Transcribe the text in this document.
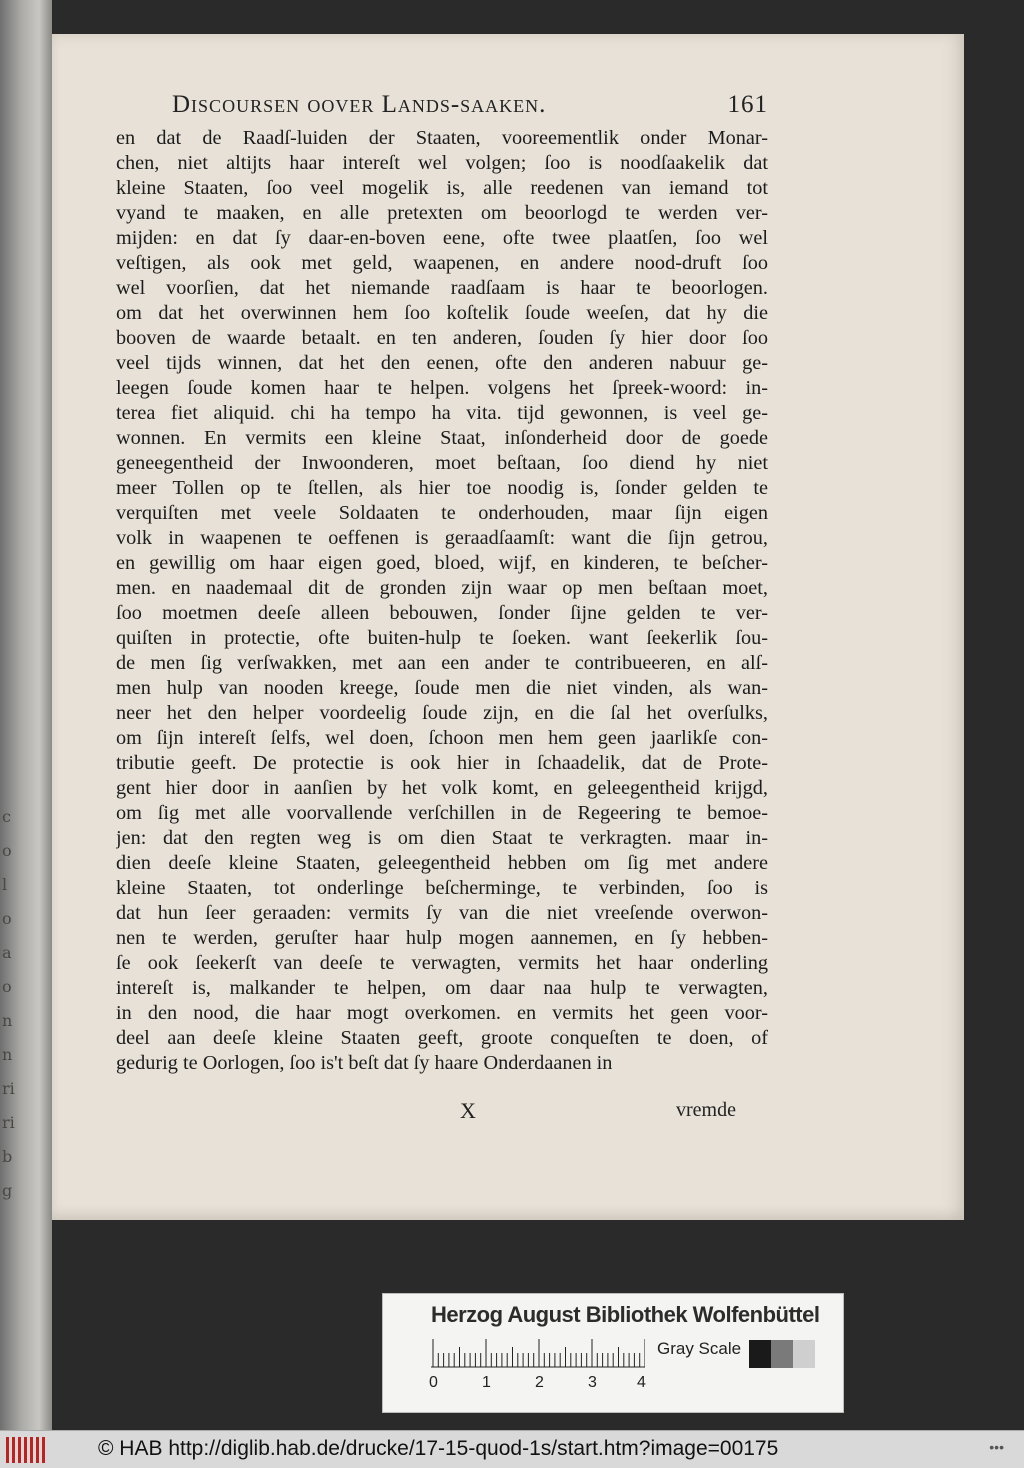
c
o
l
o
a
o
n
n
ri
ri
b
g
Discoursen oover Lands-saaken.	161
en dat de Raadſ-luiden der Staaten, vooreementlik onder Monar-
chen, niet altijts haar intereſt wel volgen; ſoo is noodſaakelik dat
kleine Staaten, ſoo veel mogelik is, alle reedenen van iemand tot
vyand te maaken, en alle pretexten om beoorlogd te werden ver-
mijden: en dat ſy daar-en-boven eene, ofte twee plaatſen, ſoo wel
veſtigen, als ook met geld, waapenen, en andere nood-druft ſoo
wel voorſien, dat het niemande raadſaam is haar te beoorlogen.
om dat het overwinnen hem ſoo koſtelik ſoude weeſen, dat hy die
booven de waarde betaalt. en ten anderen, ſouden ſy hier door ſoo
veel tijds winnen, dat het den eenen, ofte den anderen nabuur ge-
leegen ſoude komen haar te helpen. volgens het ſpreek-woord: in-
terea fiet aliquid. chi ha tempo ha vita. tijd gewonnen, is veel ge-
wonnen. En vermits een kleine Staat, inſonderheid door de goede
geneegentheid der Inwoonderen, moet beſtaan, ſoo diend hy niet
meer Tollen op te ſtellen, als hier toe noodig is, ſonder gelden te
verquiſten met veele Soldaaten te onderhouden, maar ſijn eigen
volk in waapenen te oeffenen is geraadſaamſt: want die ſijn getrou,
en gewillig om haar eigen goed, bloed, wijf, en kinderen, te beſcher-
men. en naademaal dit de gronden zijn waar op men beſtaan moet,
ſoo moetmen deeſe alleen bebouwen, ſonder ſijne gelden te ver-
quiſten in protectie, ofte buiten-hulp te ſoeken. want ſeekerlik ſou-
de men ſig verſwakken, met aan een ander te contribueeren, en alſ-
men hulp van nooden kreege, ſoude men die niet vinden, als wan-
neer het den helper voordeelig ſoude zijn, en die ſal het overſulks,
om ſijn intereſt ſelfs, wel doen, ſchoon men hem geen jaarlikſe con-
tributie geeft. De protectie is ook hier in ſchaadelik, dat de Prote-
gent hier door in aanſien by het volk komt, en geleegentheid krijgd,
om ſig met alle voorvallende verſchillen in de Regeering te bemoe-
jen: dat den regten weg is om dien Staat te verkragten. maar in-
dien deeſe kleine Staaten, geleegentheid hebben om ſig met andere
kleine Staaten, tot onderlinge beſcherminge, te verbinden, ſoo is
dat hun ſeer geraaden: vermits ſy van die niet vreeſende overwon-
nen te werden, geruſter haar hulp mogen aannemen, en ſy hebben-
ſe ook ſeekerſt van deeſe te verwagten, vermits het haar onderling
intereſt is, malkander te helpen, om daar naa hulp te verwagten,
in den nood, die haar mogt overkomen. en vermits het geen voor-
deel aan deeſe kleine Staaten geeft, groote conqueſten te doen, of
gedurig te Oorlogen, ſoo is't beſt dat ſy haare Onderdaanen in
X	vremde
Herzog August Bibliothek Wolfenbüttel
0	1	2	3	4
Gray Scale
© HAB http://diglib.hab.de/drucke/17-15-quod-1s/start.htm?image=00175	•••
